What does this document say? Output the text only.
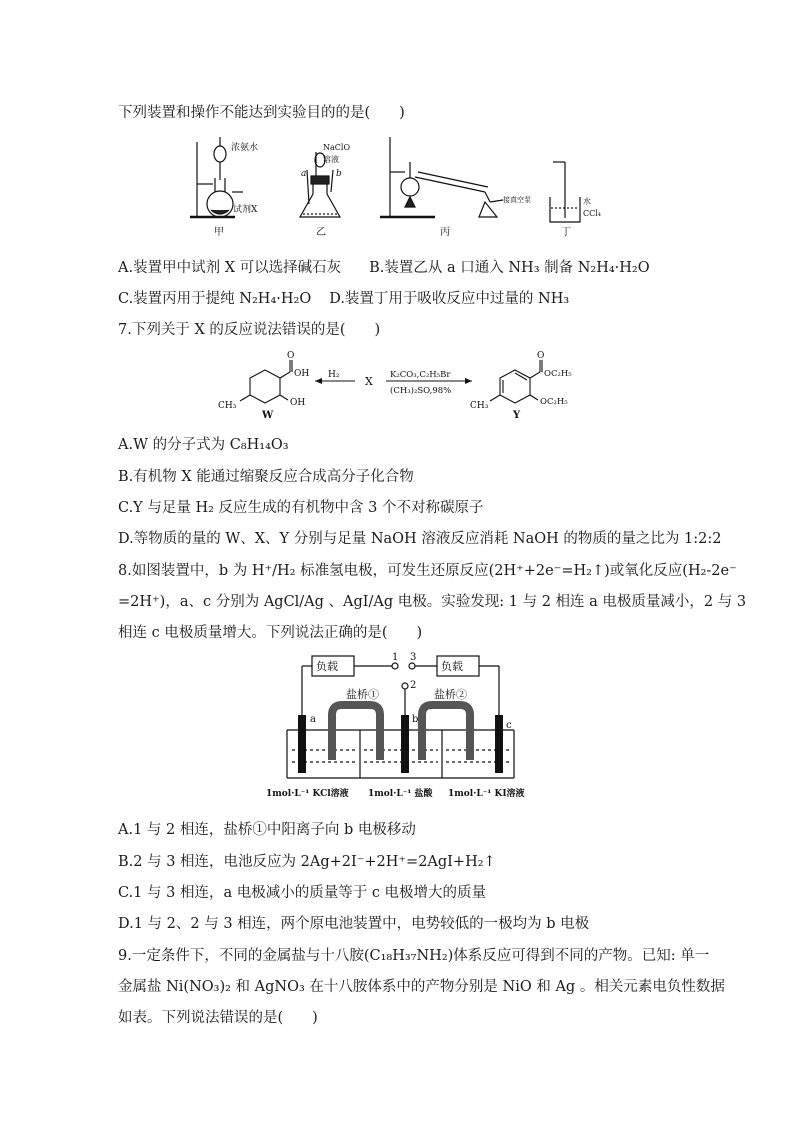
下列装置和操作不能达到实验目的的是(　　)
浓氨水
试剂X
甲
NaClO
溶液
a	b
乙
接真空泵
丙
水
CCl₄
丁
A.装置甲中试剂 X 可以选择碱石灰 B.装置乙从 a 口通入 NH₃ 制备 N₂H₄·H₂O
C.装置丙用于提纯 N₂H₄·H₂O D.装置丁用于吸收反应中过量的 NH₃
7.下列关于 X 的反应说法错误的是(　　)
O
OH
OH
CH₃
W
H₂ X K₂CO₃,C₂H₅Br
(CH₃)₂SO,98%
O
OC₂H₅
OC₂H₅
CH₃
Y
A.W 的分子式为 C₈H₁₄O₃
B.有机物 X 能通过缩聚反应合成高分子化合物
C.Y 与足量 H₂ 反应生成的有机物中含 3 个不对称碳原子
D.等物质的量的 W、X、Y 分别与足量 NaOH 溶液反应消耗 NaOH 的物质的量之比为 1:2:2
8.如图装置中，b 为 H⁺/H₂ 标准氢电极，可发生还原反应(2H⁺+2e⁻=H₂↑)或氧化反应(H₂-2e⁻
=2H⁺)，a、c 分别为 AgCl/Ag 、AgI/Ag 电极。实验发现: 1 与 2 相连 a 电极质量减小，2 与 3
相连 c 电极质量增大。下列说法正确的是(　　)
负载	负载
1 3
2
盐桥①	盐桥②
a	b
c
1mol·L⁻¹ KCl溶液 1mol·L⁻¹ 盐酸 1mol·L⁻¹ KI溶液
A.1 与 2 相连，盐桥①中阳离子向 b 电极移动
B.2 与 3 相连，电池反应为 2Ag+2I⁻+2H⁺=2AgI+H₂↑
C.1 与 3 相连，a 电极减小的质量等于 c 电极增大的质量
D.1 与 2、2 与 3 相连，两个原电池装置中，电势较低的一极均为 b 电极
9.一定条件下，不同的金属盐与十八胺(C₁₈H₃₇NH₂)体系反应可得到不同的产物。已知: 单一
金属盐 Ni(NO₃)₂ 和 AgNO₃ 在十八胺体系中的产物分别是 NiO 和 Ag 。相关元素电负性数据
如表。下列说法错误的是(　　)
